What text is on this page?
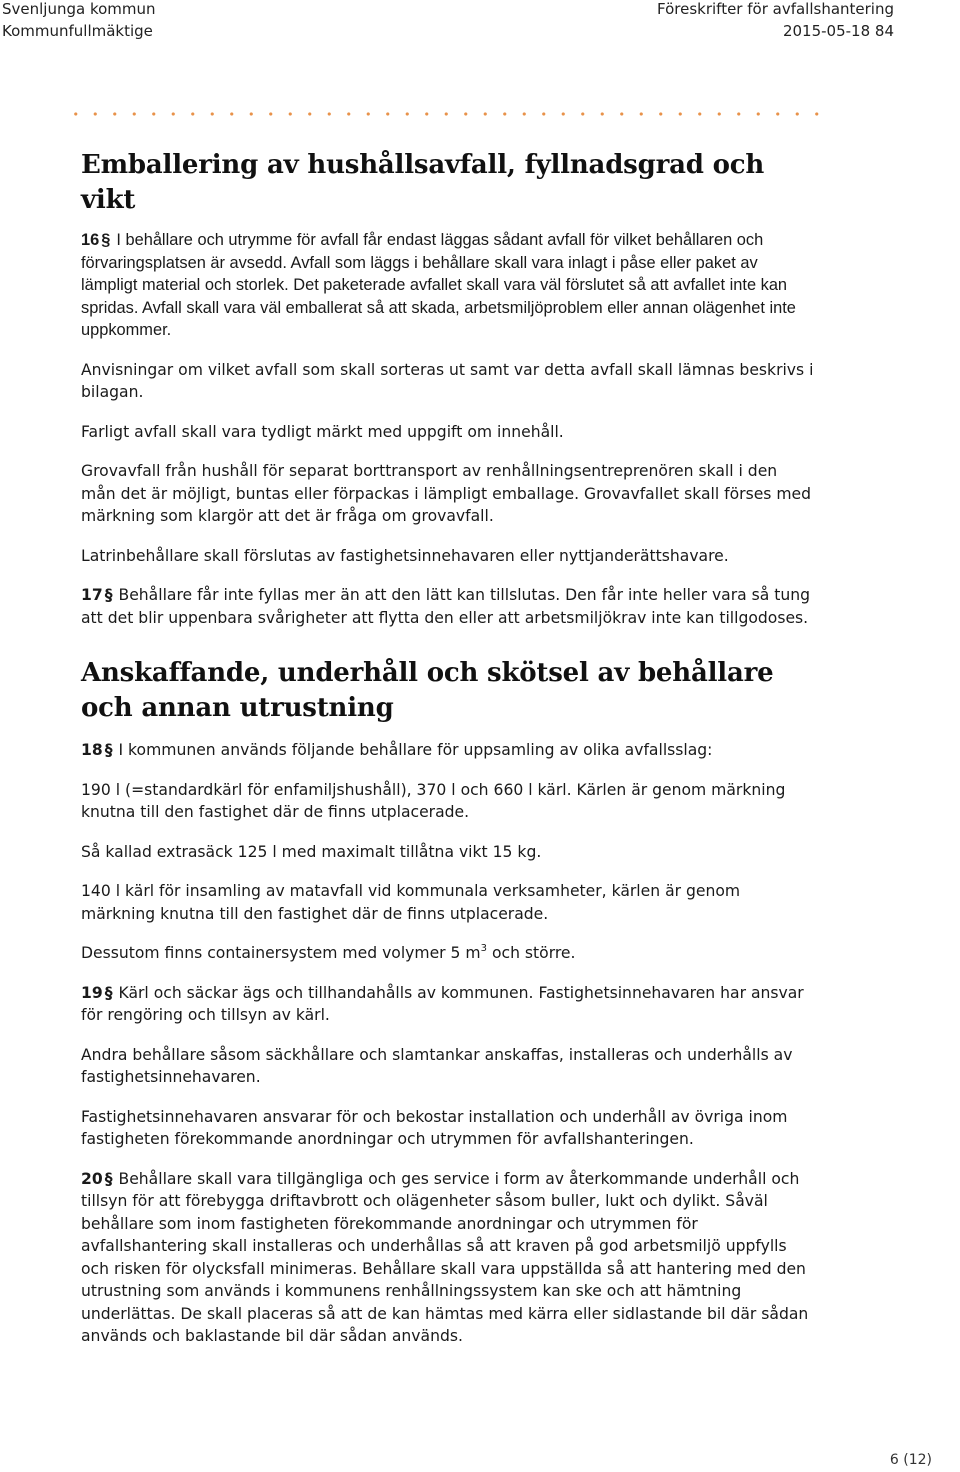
Svenljunga kommun
Kommunfullmäktige
Föreskrifter för avfallshantering
2015-05-18 84
Emballering av hushållsavfall, fyllnadsgrad och vikt

16 § I behållare och utrymme för avfall får endast läggas sådant avfall för vilket behållaren och förvaringsplatsen är avsedd. Avfall som läggs i behållare skall vara inlagt i påse eller paket av lämpligt material och storlek. Det paketerade avfallet skall vara väl förslutet så att avfallet inte kan spridas. Avfall skall vara väl emballerat så att skada, arbetsmiljöproblem eller annan olägenhet inte uppkommer.

Anvisningar om vilket avfall som skall sorteras ut samt var detta avfall skall lämnas beskrivs i bilagan.

Farligt avfall skall vara tydligt märkt med uppgift om innehåll.

Grovavfall från hushåll för separat borttransport av renhållningsentreprenören skall i den mån det är möjligt, buntas eller förpackas i lämpligt emballage. Grovavfallet skall förses med märkning som klargör att det är fråga om grovavfall.

Latrinbehållare skall förslutas av fastighetsinnehavaren eller nyttjanderättshavare.

17 § Behållare får inte fyllas mer än att den lätt kan tillslutas. Den får inte heller vara så tung att det blir uppenbara svårigheter att flytta den eller att arbetsmiljökrav inte kan tillgodoses.

Anskaffande, underhåll och skötsel av behållare och annan utrustning

18 § I kommunen används följande behållare för uppsamling av olika avfallsslag:

190 l (=standardkärl för enfamiljshushåll), 370 l och 660 l kärl. Kärlen är genom märkning knutna till den fastighet där de finns utplacerade.

Så kallad extrasäck 125 l med maximalt tillåtna vikt 15 kg.

140 l kärl för insamling av matavfall vid kommunala verksamheter, kärlen är genom märkning knutna till den fastighet där de finns utplacerade.

Dessutom finns containersystem med volymer 5 $m^3$ och större.

19 § Kärl och säckar ägs och tillhandahålls av kommunen. Fastighetsinnehavaren har ansvar för rengöring och tillsyn av kärl.

Andra behållare såsom säckhållare och slamtankar anskaffas, installeras och underhålls av fastighetsinnehavaren.

Fastighetsinnehavaren ansvarar för och bekostar installation och underhåll av övriga inom fastigheten förekommande anordningar och utrymmen för avfallshanteringen.

20 § Behållare skall vara tillgängliga och ges service i form av återkommande underhåll och tillsyn för att förebygga driftavbrott och olägenheter såsom buller, lukt och dylikt. Såväl behållare som inom fastigheten förekommande anordningar och utrymmen för avfallshantering skall installeras och underhållas så att kraven på god arbetsmiljö uppfylls och risken för olycksfall minimeras. Behållare skall vara uppställda så att hantering med den utrustning som används i kommunens renhållningssystem kan ske och att hämtning underlättas. De skall placeras så att de kan hämtas med kärra eller sidlastande bil där sådan används och baklastande bil där sådan används.

6 (12)
